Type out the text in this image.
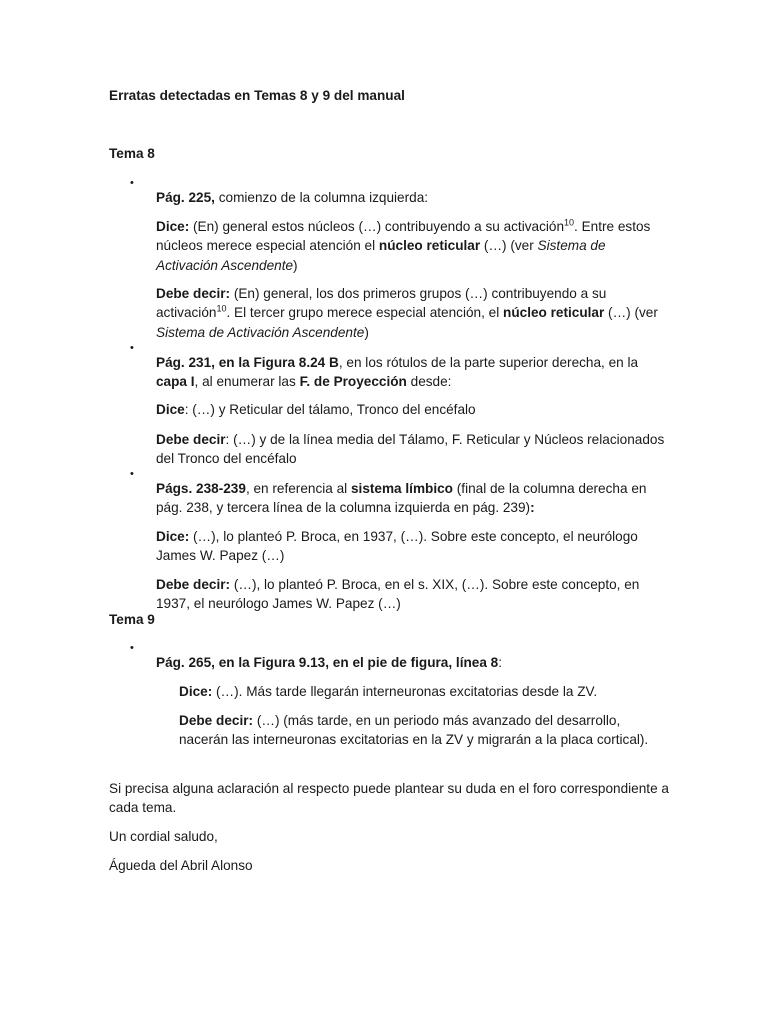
Erratas detectadas en Temas 8 y 9 del manual

Tema 8

•

Pág. 225, comienzo de la columna izquierda:

Dice: (En) general estos núcleos (…) contribuyendo a su activación$^{10}$. Entre estos núcleos merece especial atención el núcleo reticular (…) (ver Sistema de Activación Ascendente)

Debe decir: (En) general, los dos primeros grupos (…) contribuyendo a su activación$^{10}$. El tercer grupo merece especial atención, el núcleo reticular (…) (ver Sistema de Activación Ascendente)

•

Pág. 231, en la Figura 8.24 B, en los rótulos de la parte superior derecha, en la capa I, al enumerar las F. de Proyección desde:

Dice: (…) y Reticular del tálamo, Tronco del encéfalo

Debe decir: (…) y de la línea media del Tálamo, F. Reticular y Núcleos relacionados del Tronco del encéfalo

•

Págs. 238-239, en referencia al sistema límbico (final de la columna derecha en pág. 238, y tercera línea de la columna izquierda en pág. 239):

Dice: (…), lo planteó P. Broca, en 1937, (…). Sobre este concepto, el neurólogo James W. Papez (…)

Debe decir: (…), lo planteó P. Broca, en el s. XIX, (…). Sobre este concepto, en 1937, el neurólogo James W. Papez (…)

Tema 9

•

Pág. 265, en la Figura 9.13, en el pie de figura, línea 8:

Dice: (…). Más tarde llegarán interneuronas excitatorias desde la ZV.

Debe decir: (…) (más tarde, en un periodo más avanzado del desarrollo, nacerán las interneuronas excitatorias en la ZV y migrarán a la placa cortical).

Si precisa alguna aclaración al respecto puede plantear su duda en el foro correspondiente a cada tema.

Un cordial saludo,

Águeda del Abril Alonso
